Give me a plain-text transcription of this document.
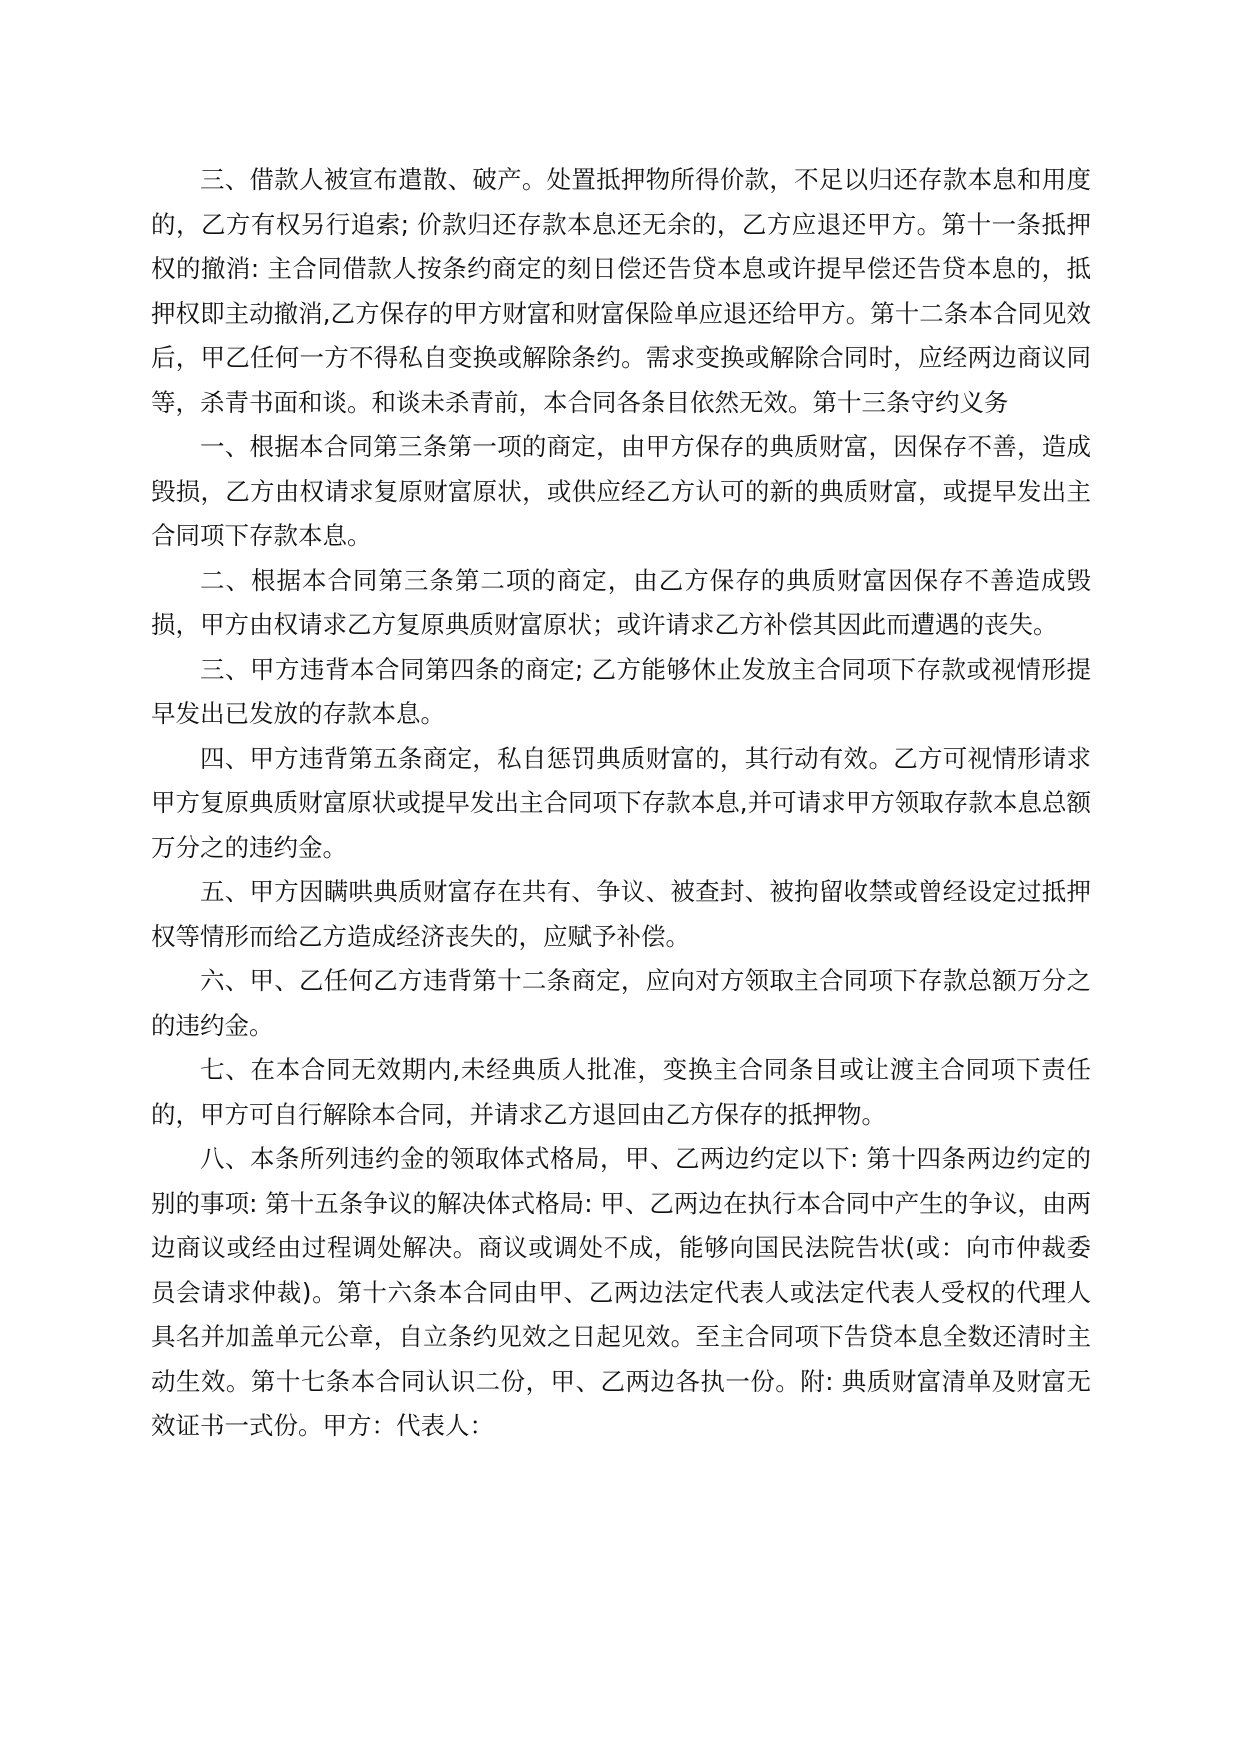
三、借款人被宣布遣散、破产。处置抵押物所得价款，不足以归还存款本息和用度的，乙方有权另行追索; 价款归还存款本息还无余的，乙方应退还甲方。第十一条抵押权的撤消: 主合同借款人按条约商定的刻日偿还告贷本息或许提早偿还告贷本息的，抵押权即主动撤消,乙方保存的甲方财富和财富保险单应退还给甲方。第十二条本合同见效后，甲乙任何一方不得私自变换或解除条约。需求变换或解除合同时，应经两边商议同等，杀青书面和谈。和谈未杀青前，本合同各条目依然无效。第十三条守约义务

一、根据本合同第三条第一项的商定，由甲方保存的典质财富，因保存不善，造成毁损，乙方由权请求复原财富原状，或供应经乙方认可的新的典质财富，或提早发出主合同项下存款本息。

二、根据本合同第三条第二项的商定，由乙方保存的典质财富因保存不善造成毁损，甲方由权请求乙方复原典质财富原状；或许请求乙方补偿其因此而遭遇的丧失。

三、甲方违背本合同第四条的商定; 乙方能够休止发放主合同项下存款或视情形提早发出已发放的存款本息。

四、甲方违背第五条商定，私自惩罚典质财富的，其行动有效。乙方可视情形请求甲方复原典质财富原状或提早发出主合同项下存款本息,并可请求甲方领取存款本息总额万分之的违约金。

五、甲方因瞒哄典质财富存在共有、争议、被查封、被拘留收禁或曾经设定过抵押权等情形而给乙方造成经济丧失的，应赋予补偿。

六、甲、乙任何乙方违背第十二条商定，应向对方领取主合同项下存款总额万分之的违约金。

七、在本合同无效期内,未经典质人批准，变换主合同条目或让渡主合同项下责任的，甲方可自行解除本合同，并请求乙方退回由乙方保存的抵押物。

八、本条所列违约金的领取体式格局，甲、乙两边约定以下: 第十四条两边约定的别的事项: 第十五条争议的解决体式格局: 甲、乙两边在执行本合同中产生的争议，由两边商议或经由过程调处解决。商议或调处不成，能够向国民法院告状(或：向市仲裁委员会请求仲裁)。第十六条本合同由甲、乙两边法定代表人或法定代表人受权的代理人具名并加盖单元公章，自立条约见效之日起见效。至主合同项下告贷本息全数还清时主动生效。第十七条本合同认识二份，甲、乙两边各执一份。附: 典质财富清单及财富无效证书一式份。甲方：代表人：
